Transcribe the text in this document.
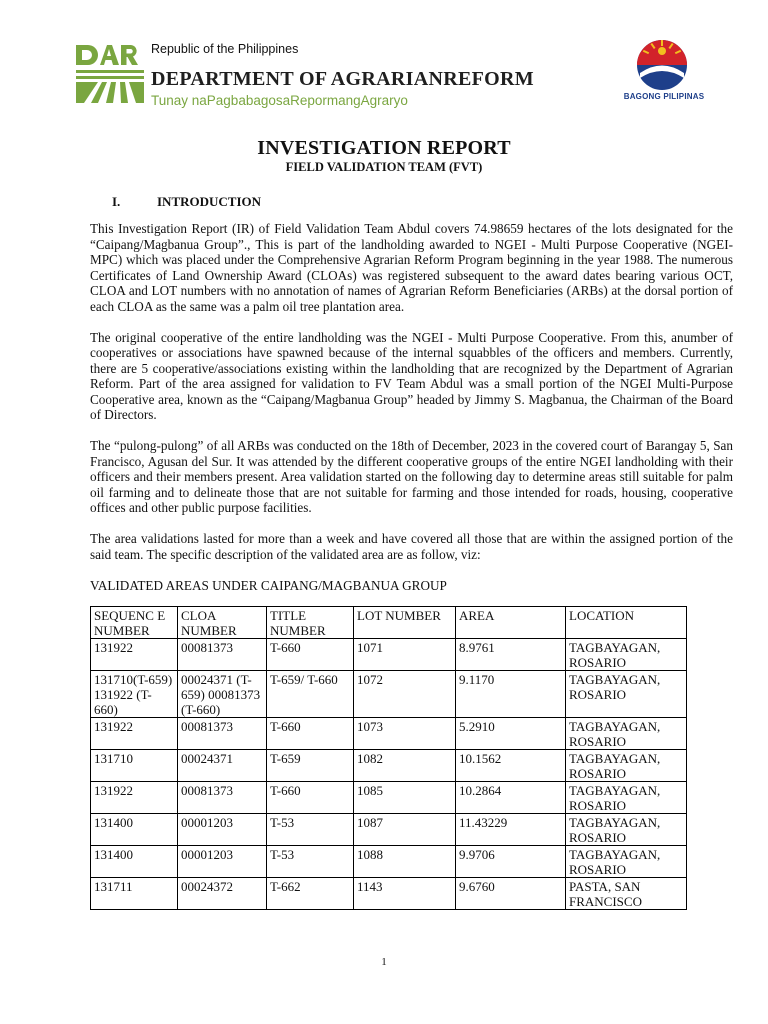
Republic of the Philippines
DEPARTMENT OF AGRARIANREFORM
Tunay naPagbabagosaRepormangAgraryo	BAGONG PILIPINAS
INVESTIGATION REPORT
FIELD VALIDATION TEAM (FVT)
I.	INTRODUCTION

This Investigation Report (IR) of Field Validation Team Abdul covers 74.98659 hectares of the lots designated for the “Caipang/Magbanua Group”., This is part of the landholding awarded to NGEI - Multi Purpose Cooperative (NGEI-MPC) which was placed under the Comprehensive Agrarian Reform Program beginning in the year 1988. The numerous Certificates of Land Ownership Award (CLOAs) was registered subsequent to the award dates bearing various OCT, CLOA and LOT numbers with no annotation of names of Agrarian Reform Beneficiaries (ARBs) at the dorsal portion of each CLOA as the same was a palm oil tree plantation area.

The original cooperative of the entire landholding was the NGEI - Multi Purpose Cooperative. From this, anumber of cooperatives or associations have spawned because of the internal squabbles of the officers and members. Currently, there are 5 cooperative/associations existing within the landholding that are recognized by the Department of Agrarian Reform. Part of the area assigned for validation to FV Team Abdul was a small portion of the NGEI Multi-Purpose Cooperative area, known as the “Caipang/Magbanua Group” headed by Jimmy S. Magbanua, the Chairman of the Board of Directors.

The “pulong-pulong” of all ARBs was conducted on the 18th of December, 2023 in the covered court of Barangay 5, San Francisco, Agusan del Sur. It was attended by the different cooperative groups of the entire NGEI landholding with their officers and their members present. Area validation started on the following day to determine areas still suitable for palm oil farming and to delineate those that are not suitable for farming and those intended for roads, housing, cooperative offices and other public purpose facilities.

The area validations lasted for more than a week and have covered all those that are within the assigned portion of the said team. The specific description of the validated area are as follow, viz:

VALIDATED AREAS UNDER CAIPANG/MAGBANUA GROUP
SEQUENC E NUMBER	CLOA NUMBER	TITLE NUMBER	LOT NUMBER	AREA	LOCATION
131922	00081373	T-660	1071	8.9761	TAGBAYAGAN, ROSARIO
131710(T-659) 131922 (T-660)	00024371 (T-659) 00081373 (T-660)	T-659/ T-660	1072	9.1170	TAGBAYAGAN, ROSARIO
131922	00081373	T-660	1073	5.2910	TAGBAYAGAN, ROSARIO
131710	00024371	T-659	1082	10.1562	TAGBAYAGAN, ROSARIO
131922	00081373	T-660	1085	10.2864	TAGBAYAGAN, ROSARIO
131400	00001203	T-53	1087	11.43229	TAGBAYAGAN, ROSARIO
131400	00001203	T-53	1088	9.9706	TAGBAYAGAN, ROSARIO
131711	00024372	T-662	1143	9.6760	PASTA, SAN FRANCISCO
1
